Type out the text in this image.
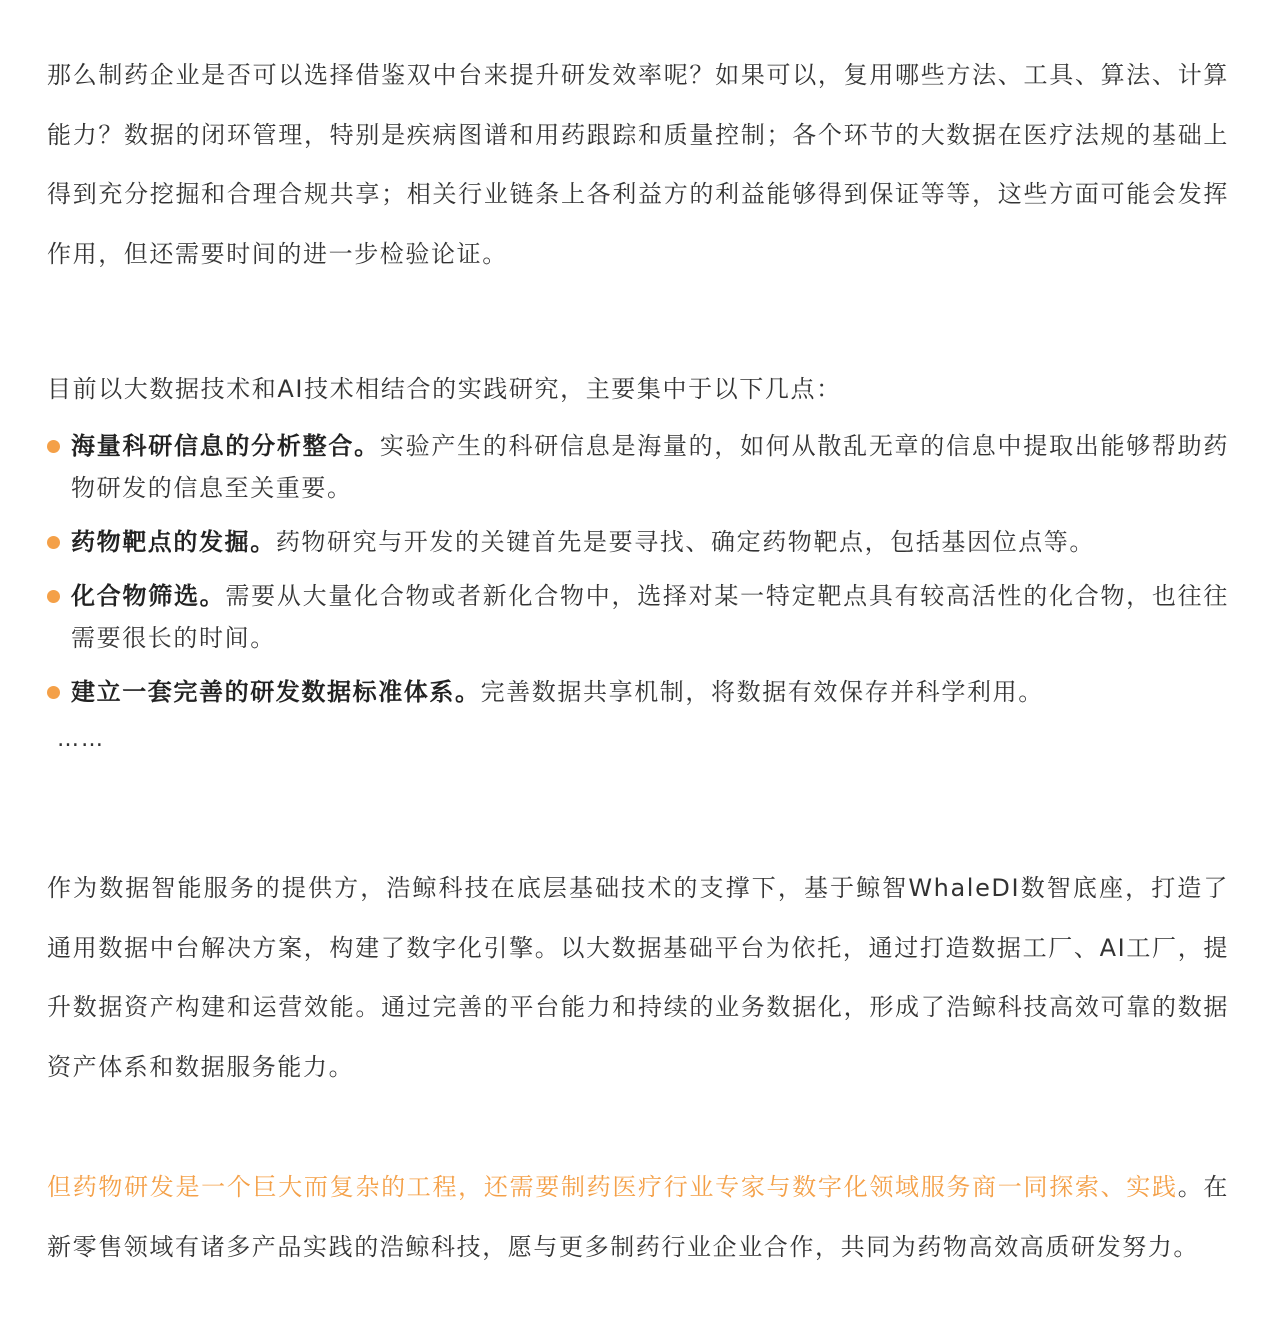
那么制药企业是否可以选择借鉴双中台来提升研发效率呢？如果可以，复用哪些方法、工具、算法、计算能力？数据的闭环管理，特别是疾病图谱和用药跟踪和质量控制；各个环节的大数据在医疗法规的基础上得到充分挖掘和合理合规共享；相关行业链条上各利益方的利益能够得到保证等等，这些方面可能会发挥作用，但还需要时间的进一步检验论证。

目前以大数据技术和AI技术相结合的实践研究，主要集中于以下几点：

海量科研信息的分析整合。实验产生的科研信息是海量的，如何从散乱无章的信息中提取出能够帮助药物研发的信息至关重要。
药物靶点的发掘。药物研究与开发的关键首先是要寻找、确定药物靶点，包括基因位点等。
化合物筛选。需要从大量化合物或者新化合物中，选择对某一特定靶点具有较高活性的化合物，也往往需要很长的时间。
建立一套完善的研发数据标准体系。完善数据共享机制，将数据有效保存并科学利用。

……

作为数据智能服务的提供方，浩鲸科技在底层基础技术的支撑下，基于鲸智WhaleDI数智底座，打造了通用数据中台解决方案，构建了数字化引擎。以大数据基础平台为依托，通过打造数据工厂、AI工厂，提升数据资产构建和运营效能。通过完善的平台能力和持续的业务数据化，形成了浩鲸科技高效可靠的数据资产体系和数据服务能力。

但药物研发是一个巨大而复杂的工程，还需要制药医疗行业专家与数字化领域服务商一同探索、实践。在新零售领域有诸多产品实践的浩鲸科技，愿与更多制药行业企业合作，共同为药物高效高质研发努力。
